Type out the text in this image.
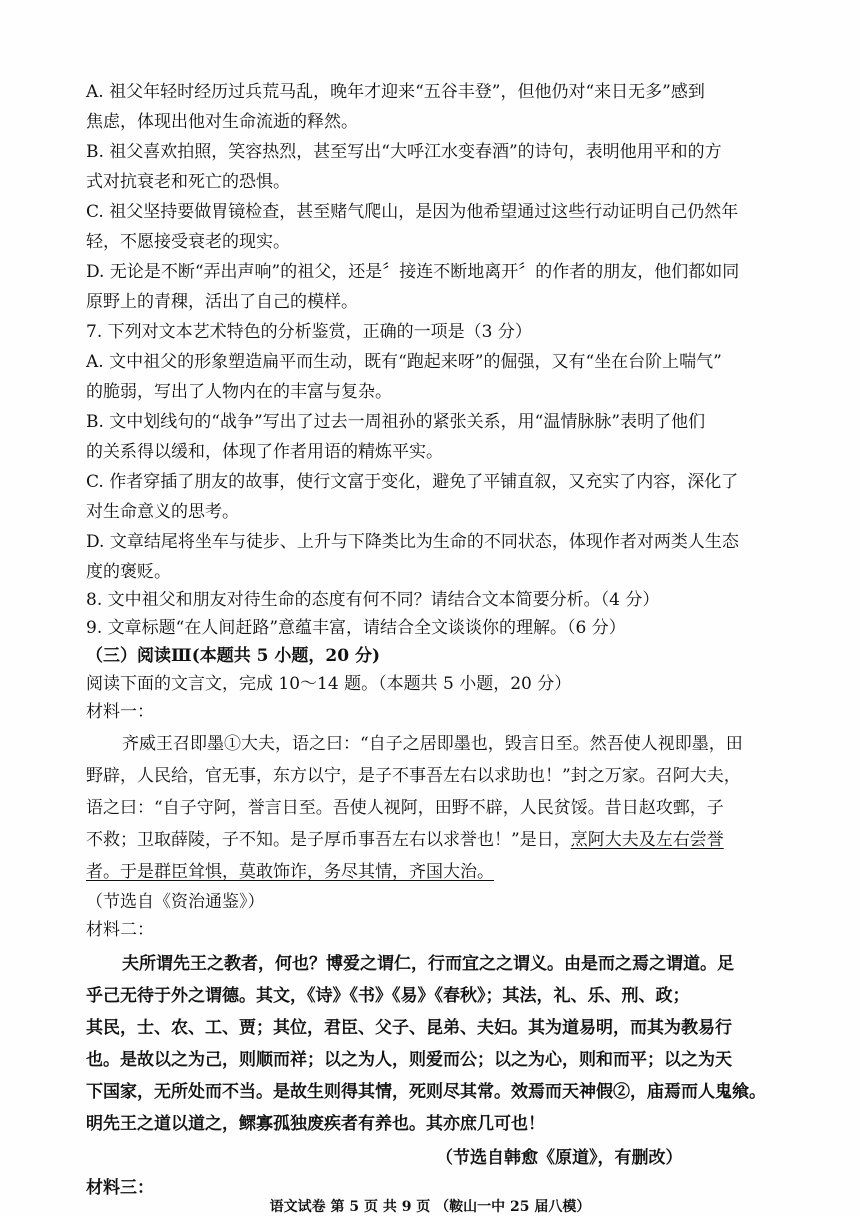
A. 祖父年轻时经历过兵荒马乱，晚年才迎来“五谷丰登”，但他仍对“来日无多”感到
焦虑，体现出他对生命流逝的释然。
B. 祖父喜欢拍照，笑容热烈，甚至写出“大呼江水变春酒”的诗句，表明他用平和的方
式对抗衰老和死亡的恐惧。
C. 祖父坚持要做胃镜检查，甚至赌气爬山，是因为他希望通过这些行动证明自己仍然年
轻，不愿接受衰老的现实。
D. 无论是不断“弄出声响”的祖父，还是〞接连不断地离开〞的作者的朋友，他们都如同
原野上的青稞，活出了自己的模样。
7. 下列对文本艺术特色的分析鉴赏，正确的一项是（3 分）
A. 文中祖父的形象塑造扁平而生动，既有“跑起来呀”的倔强，又有“坐在台阶上喘气”
的脆弱，写出了人物内在的丰富与复杂。
B. 文中划线句的“战争”写出了过去一周祖孙的紧张关系，用“温情脉脉”表明了他们
的关系得以缓和，体现了作者用语的精炼平实。
C. 作者穿插了朋友的故事，使行文富于变化，避免了平铺直叙，又充实了内容，深化了
对生命意义的思考。
D. 文章结尾将坐车与徒步、上升与下降类比为生命的不同状态，体现作者对两类人生态
度的褒贬。
8. 文中祖父和朋友对待生命的态度有何不同？请结合文本简要分析。（4 分）
9. 文章标题“在人间赶路”意蕴丰富，请结合全文谈谈你的理解。（6 分）
（三）阅读Ⅲ(本题共 5 小题，20 分)
阅读下面的文言文，完成 10～14 题。（本题共 5 小题，20 分）
材料一：
齐威王召即墨①大夫，语之曰：“自子之居即墨也，毁言日至。然吾使人视即墨，田
野辟，人民给，官无事，东方以宁，是子不事吾左右以求助也！”封之万家。召阿大夫，
语之曰：“自子守阿，誉言日至。吾使人视阿，田野不辟，人民贫馁。昔日赵攻鄄，子
不救；卫取薛陵，子不知。是子厚币事吾左右以求誉也！”是日，烹阿大夫及左右尝誉
者。于是群臣耸惧，莫敢饰诈，务尽其情，齐国大治。
（节选自《资治通鉴》）
材料二：
夫所谓先王之教者，何也？博爱之谓仁，行而宜之之谓义。由是而之焉之谓道。足
乎己无待于外之谓德。其文，《诗》《书》《易》《春秋》；其法，礼、乐、刑、政；
其民，士、农、工、贾；其位，君臣、父子、昆弟、夫妇。其为道易明，而其为教易行
也。是故以之为己，则顺而祥；以之为人，则爱而公；以之为心，则和而平；以之为天
下国家，无所处而不当。是故生则得其情，死则尽其常。效焉而天神假②，庙焉而人鬼飨。
明先王之道以道之，鳏寡孤独废疾者有养也。其亦庶几可也！
（节选自韩愈《原道》，有删改）
材料三：
语文试卷 第 5 页 共 9 页 （鞍山一中 25 届八模）
